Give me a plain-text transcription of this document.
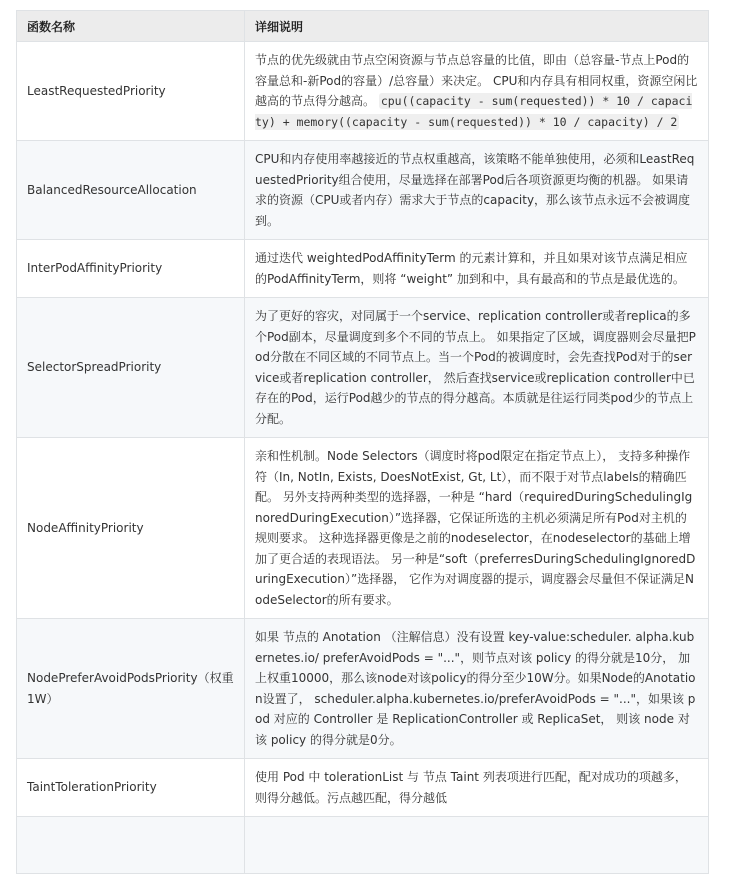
函数名称	详细说明
LeastRequestedPriority	节点的优先级就由节点空闲资源与节点总容量的比值，即由（总容量-节点上Pod的容量总和-新Pod的容量）/总容量）来决定。 CPU和内存具有相同权重，资源空闲比越高的节点得分越高。 cpu((capacity - sum(requested)) * 10 / capacity) + memory((capacity - sum(requested)) * 10 / capacity) / 2
BalancedResourceAllocation	CPU和内存使用率越接近的节点权重越高，该策略不能单独使用，必须和LeastRequestedPriority组合使用，尽量选择在部署Pod后各项资源更均衡的机器。 如果请求的资源（CPU或者内存）需求大于节点的capacity，那么该节点永远不会被调度到。
InterPodAffinityPriority	通过迭代 weightedPodAffinityTerm 的元素计算和，并且如果对该节点满足相应的PodAffinityTerm，则将 “weight” 加到和中，具有最高和的节点是最优选的。
SelectorSpreadPriority	为了更好的容灾，对同属于一个service、replication controller或者replica的多个Pod副本，尽量调度到多个不同的节点上。 如果指定了区域，调度器则会尽量把Pod分散在不同区域的不同节点上。当一个Pod的被调度时，会先查找Pod对于的service或者replication controller， 然后查找service或replication controller中已存在的Pod，运行Pod越少的节点的得分越高。本质就是往运行同类pod少的节点上分配。
NodeAffinityPriority	亲和性机制。Node Selectors（调度时将pod限定在指定节点上）， 支持多种操作符（In, NotIn, Exists, DoesNotExist, Gt, Lt），而不限于对节点labels的精确匹配。 另外支持两种类型的选择器，一种是 “hard（requiredDuringSchedulingIgnoredDuringExecution）”选择器，它保证所选的主机必须满足所有Pod对主机的规则要求。 这种选择器更像是之前的nodeselector，在nodeselector的基础上增加了更合适的表现语法。 另一种是“soft（preferresDuringSchedulingIgnoredDuringExecution）”选择器， 它作为对调度器的提示，调度器会尽量但不保证满足NodeSelector的所有要求。
NodePreferAvoidPodsPriority（权重1W）	如果 节点的 Anotation （注解信息）没有设置 key-value:scheduler. alpha.kubernetes.io/ preferAvoidPods = "..."，则节点对该 policy 的得分就是10分， 加上权重10000，那么该node对该policy的得分至少10W分。如果Node的Anotation设置了， scheduler.alpha.kubernetes.io/preferAvoidPods = "..."，如果该 pod 对应的 Controller 是 ReplicationController 或 ReplicaSet， 则该 node 对该 policy 的得分就是0分。
TaintTolerationPriority	使用 Pod 中 tolerationList 与 节点 Taint 列表项进行匹配，配对成功的项越多，则得分越低。污点越匹配，得分越低
